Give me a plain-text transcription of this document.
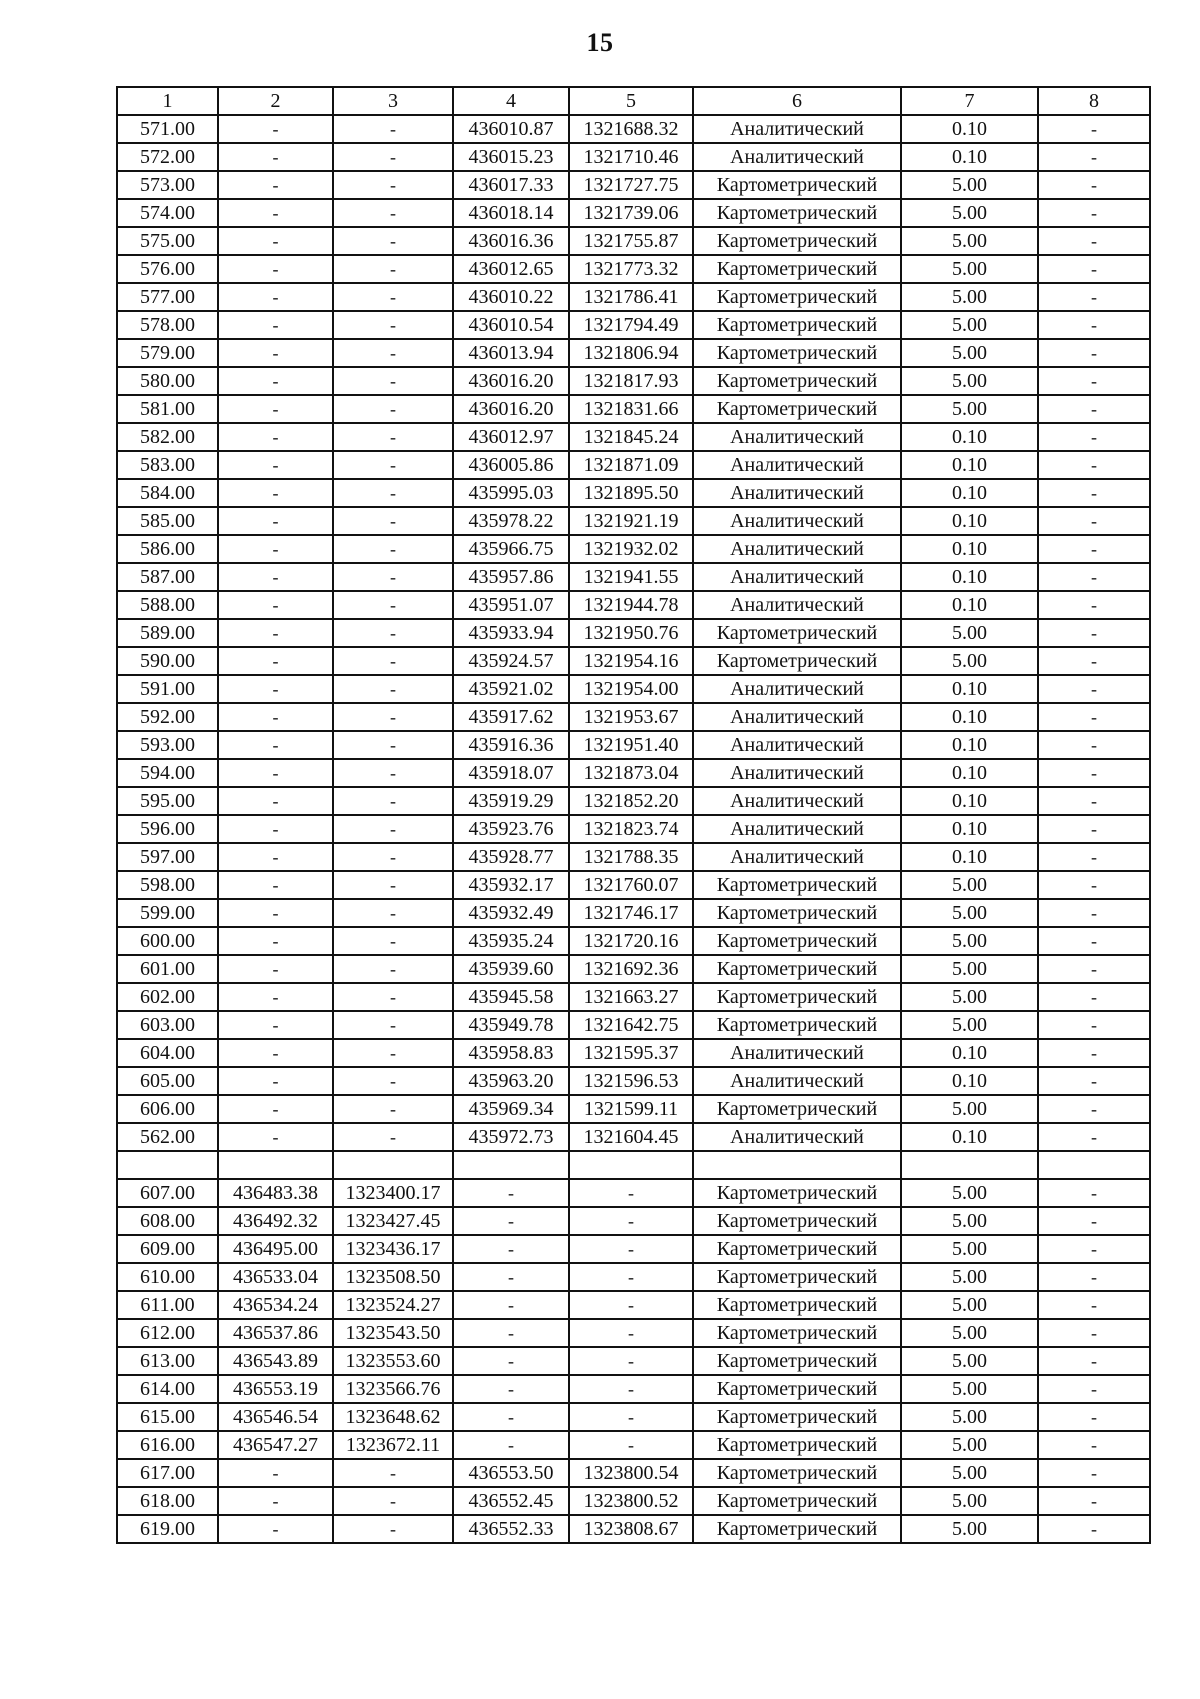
15
1	2	3	4	5	6	7	8
571.00	-	-	436010.87	1321688.32	Аналитический	0.10	-
572.00	-	-	436015.23	1321710.46	Аналитический	0.10	-
573.00	-	-	436017.33	1321727.75	Картометрический	5.00	-
574.00	-	-	436018.14	1321739.06	Картометрический	5.00	-
575.00	-	-	436016.36	1321755.87	Картометрический	5.00	-
576.00	-	-	436012.65	1321773.32	Картометрический	5.00	-
577.00	-	-	436010.22	1321786.41	Картометрический	5.00	-
578.00	-	-	436010.54	1321794.49	Картометрический	5.00	-
579.00	-	-	436013.94	1321806.94	Картометрический	5.00	-
580.00	-	-	436016.20	1321817.93	Картометрический	5.00	-
581.00	-	-	436016.20	1321831.66	Картометрический	5.00	-
582.00	-	-	436012.97	1321845.24	Аналитический	0.10	-
583.00	-	-	436005.86	1321871.09	Аналитический	0.10	-
584.00	-	-	435995.03	1321895.50	Аналитический	0.10	-
585.00	-	-	435978.22	1321921.19	Аналитический	0.10	-
586.00	-	-	435966.75	1321932.02	Аналитический	0.10	-
587.00	-	-	435957.86	1321941.55	Аналитический	0.10	-
588.00	-	-	435951.07	1321944.78	Аналитический	0.10	-
589.00	-	-	435933.94	1321950.76	Картометрический	5.00	-
590.00	-	-	435924.57	1321954.16	Картометрический	5.00	-
591.00	-	-	435921.02	1321954.00	Аналитический	0.10	-
592.00	-	-	435917.62	1321953.67	Аналитический	0.10	-
593.00	-	-	435916.36	1321951.40	Аналитический	0.10	-
594.00	-	-	435918.07	1321873.04	Аналитический	0.10	-
595.00	-	-	435919.29	1321852.20	Аналитический	0.10	-
596.00	-	-	435923.76	1321823.74	Аналитический	0.10	-
597.00	-	-	435928.77	1321788.35	Аналитический	0.10	-
598.00	-	-	435932.17	1321760.07	Картометрический	5.00	-
599.00	-	-	435932.49	1321746.17	Картометрический	5.00	-
600.00	-	-	435935.24	1321720.16	Картометрический	5.00	-
601.00	-	-	435939.60	1321692.36	Картометрический	5.00	-
602.00	-	-	435945.58	1321663.27	Картометрический	5.00	-
603.00	-	-	435949.78	1321642.75	Картометрический	5.00	-
604.00	-	-	435958.83	1321595.37	Аналитический	0.10	-
605.00	-	-	435963.20	1321596.53	Аналитический	0.10	-
606.00	-	-	435969.34	1321599.11	Картометрический	5.00	-
562.00	-	-	435972.73	1321604.45	Аналитический	0.10	-

607.00	436483.38	1323400.17	-	-	Картометрический	5.00	-
608.00	436492.32	1323427.45	-	-	Картометрический	5.00	-
609.00	436495.00	1323436.17	-	-	Картометрический	5.00	-
610.00	436533.04	1323508.50	-	-	Картометрический	5.00	-
611.00	436534.24	1323524.27	-	-	Картометрический	5.00	-
612.00	436537.86	1323543.50	-	-	Картометрический	5.00	-
613.00	436543.89	1323553.60	-	-	Картометрический	5.00	-
614.00	436553.19	1323566.76	-	-	Картометрический	5.00	-
615.00	436546.54	1323648.62	-	-	Картометрический	5.00	-
616.00	436547.27	1323672.11	-	-	Картометрический	5.00	-
617.00	-	-	436553.50	1323800.54	Картометрический	5.00	-
618.00	-	-	436552.45	1323800.52	Картометрический	5.00	-
619.00	-	-	436552.33	1323808.67	Картометрический	5.00	-
